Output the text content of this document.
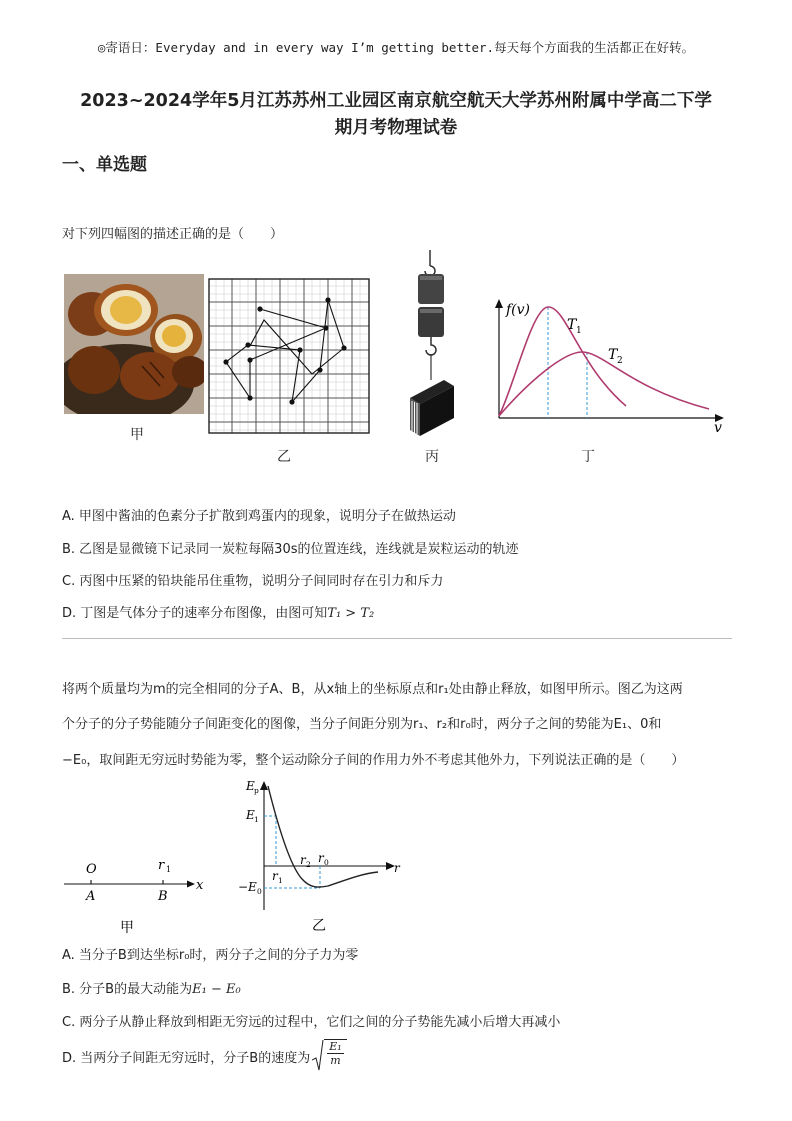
◎寄语日：Everyday and in every way I’m getting better.每天每个方面我的生活都正在好转。
2023~2024学年5月江苏苏州工业园区南京航空航天大学苏州附属中学高二下学
期月考物理试卷
一、单选题
对下列四幅图的描述正确的是（　　）
甲
乙	丙
f(v)
T 1
T 2
v
丁
A. 甲图中酱油的色素分子扩散到鸡蛋内的现象，说明分子在做热运动
B. 乙图是显微镜下记录同一炭粒每隔30s的位置连线，连线就是炭粒运动的轨迹
C. 丙图中压紧的铅块能吊住重物，说明分子间同时存在引力和斥力
D. 丁图是气体分子的速率分布图像，由图可知T₁ > T₂
将两个质量均为m的完全相同的分子A、B，从x轴上的坐标原点和r₁处由静止释放，如图甲所示。图乙为这两
个分子的分子势能随分子间距变化的图像，当分子间距分别为r₁、r₂和r₀时，两分子之间的势能为E₁、0和
−E₀，取间距无穷远时势能为零，整个运动除分子间的作用力外不考虑其他外力，下列说法正确的是（　　）
O
A
r
B
x
1
甲
E
E
−E
r
r r
r
p
1
0
1
2 0
乙
A. 当分子B到达坐标r₀时，两分子之间的分子力为零
B. 分子B的最大动能为E₁ − E₀
C. 两分子从静止释放到相距无穷远的过程中，它们之间的分子势能先减小后增大再减小
D. 当两分子间距无穷远时，分子B的速度为 $\frac{\text{E₁}}{m}$
